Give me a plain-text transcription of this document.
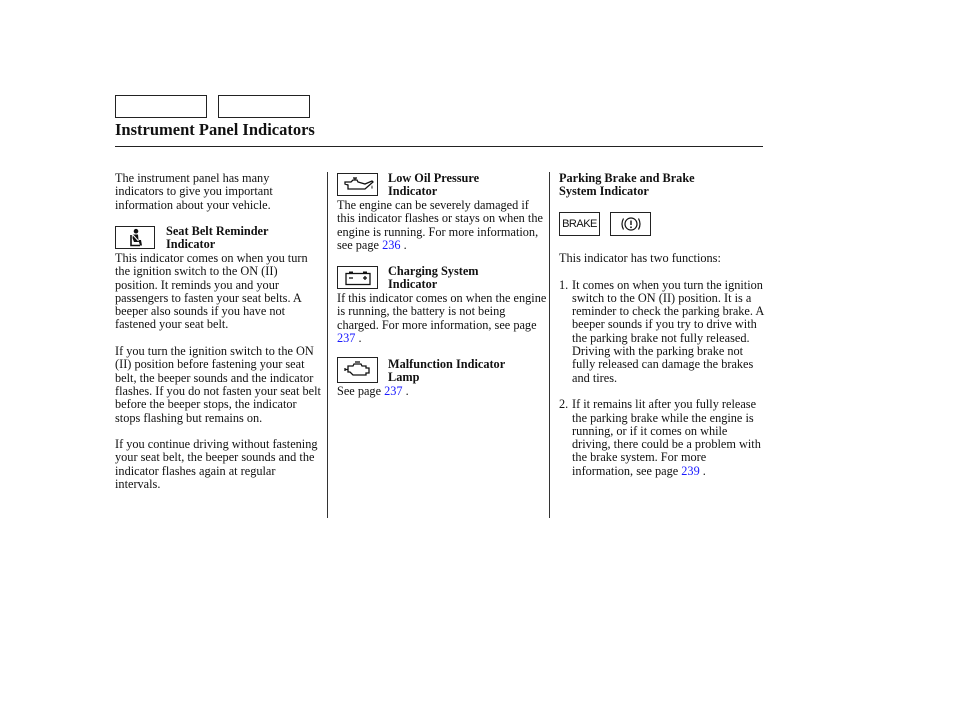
Instrument Panel Indicators

The instrument panel has many indicators to give you important information about your vehicle.

Seat Belt Reminder

Indicator

This indicator comes on when you turn the ignition switch to the ON (II) position. It reminds you and your passengers to fasten your seat belts. A beeper also sounds if you have not fastened your seat belt.

If you turn the ignition switch to the ON (II) position before fastening your seat belt, the beeper sounds and the indicator flashes. If you do not fasten your seat belt before the beeper stops, the indicator stops flashing but remains on.

If you continue driving without fastening your seat belt, the beeper sounds and the indicator flashes again at regular intervals.

Low Oil Pressure

Indicator

The engine can be severely damaged if this indicator flashes or stays on when the engine is running. For more information, see page 236 .

Charging System

Indicator

If this indicator comes on when the engine is running, the battery is not being charged. For more information, see page 237 .

Malfunction Indicator

Lamp

See page 237 .

Parking Brake and Brake

System Indicator

BRAKE

This indicator has two functions:

1. It comes on when you turn the ignition switch to the ON (II) position. It is a reminder to check the parking brake. A beeper sounds if you try to drive with the parking brake not fully released. Driving with the parking brake not fully released can damage the brakes and tires.
2. If it remains lit after you fully release the parking brake while the engine is running, or if it comes on while driving, there could be a problem with the brake system. For more information, see page 239 .
